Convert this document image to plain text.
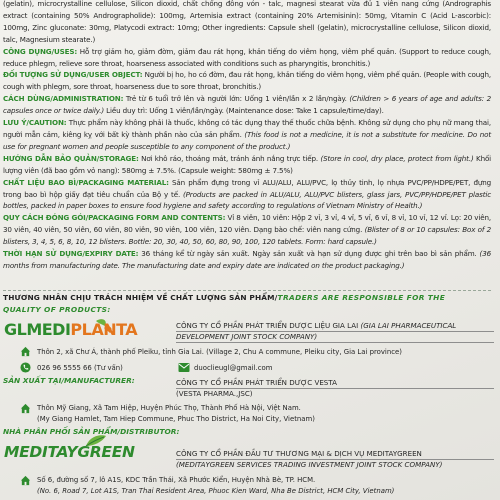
(gelatin), microcrystalline cellulose, Silicon dioxid, chất chống đông vón - talc, magnesi stearat vừa đủ 1 viên nang cứng (Andrographis extract (containing 50% Andrographolide): 100mg, Artemisia extract (containing 20% Artemisinin): 50mg, Vitamin C (Acid L-ascorbic): 100mg, Zinc gluconate: 30mg, Platycodi extract: 10mg; Other ingredients: Capsule shell (gelatin), microcrystalline cellulose, Silicon dioxid, talc, Magnesium stearate.)

CÔNG DỤNG/USES: Hỗ trợ giảm ho, giảm đờm, giảm đau rát họng, khản tiếng do viêm họng, viêm phế quản. (Support to reduce cough, reduce phlegm, relieve sore throat, hoarseness associated with conditions such as pharyngitis, bronchitis.)

ĐỐI TƯỢNG SỬ DỤNG/USER OBJECT: Người bị ho, ho có đờm, đau rát họng, khản tiếng do viêm họng, viêm phế quản. (People with cough, cough with phlegm, sore throat, hoarseness due to sore throat, bronchitis.)

CÁCH DÙNG/ADMINISTRATION: Trẻ từ 6 tuổi trở lên và người lớn: Uống 1 viên/lần x 2 lần/ngày. (Children > 6 years of age and adults: 2 capsules once or twice daily.) Liều duy trì: Uống 1 viên/lần/ngày. (Maintenance dose: Take 1 capsule/time/day).

LƯU Ý/CAUTION: Thực phẩm này không phải là thuốc, không có tác dụng thay thế thuốc chữa bệnh. Không sử dụng cho phụ nữ mang thai, người mẫn cảm, kiêng kỵ với bất kỳ thành phần nào của sản phẩm. (This food is not a medicine, it is not a substitute for medicine. Do not use for pregnant women and people susceptible to any component of the product.)

HƯỚNG DẪN BẢO QUẢN/STORAGE: Nơi khô ráo, thoáng mát, tránh ánh nắng trực tiếp. (Store in cool, dry place, protect from light.) Khối lượng viên (đã bao gồm vỏ nang): 580mg ± 7.5%. (Capsule weight: 580mg ± 7.5%)

CHẤT LIỆU BAO BÌ/PACKAGING MATERIAL: Sản phẩm đựng trong vỉ ALU/ALU, ALU/PVC, lọ thủy tinh, lọ nhựa PVC/PP/HDPE/PET, đựng trong bao bì hộp giấy đạt tiêu chuẩn của Bộ y tế. (Products are packed in ALU/ALU, ALU/PVC blisters, glass jars, PVC/PP/HDPE/PET plastic bottles, packed in paper boxes to ensure food hygiene and safety according to regulations of Vietnam Ministry of Health.)

QUY CÁCH ĐÓNG GÓI/PACKAGING FORM AND CONTENTS: Vỉ 8 viên, 10 viên: Hộp 2 vỉ, 3 vỉ, 4 vỉ, 5 vỉ, 6 vỉ, 8 vỉ, 10 vỉ, 12 vỉ. Lọ: 20 viên, 30 viên, 40 viên, 50 viên, 60 viên, 80 viên, 90 viên, 100 viên, 120 viên. Dạng bào chế: viên nang cứng. (Blister of 8 or 10 capsules: Box of 2 blisters, 3, 4, 5, 6, 8, 10, 12 blisters. Bottle: 20, 30, 40, 50, 60, 80, 90, 100, 120 tablets. Form: hard capsule.)

THỜI HẠN SỬ DỤNG/EXPIRY DATE: 36 tháng kể từ ngày sản xuất. Ngày sản xuất và hạn sử dụng được ghi trên bao bì sản phẩm. (36 months from manufacturing date. The manufacturing date and expiry date are indicated on the product packaging.)

THƯƠNG NHÂN CHỊU TRÁCH NHIỆM VỀ CHẤT LƯỢNG SẢN PHẨM/TRADERS ARE RESPONSIBLE FOR THE
QUALITY OF PRODUCTS:
GLMEDIPLANTA	CÔNG TY CỔ PHẦN PHÁT TRIỂN DƯỢC LIỆU GIA LAI (GIA LAI PHARMACEUTICAL DEVELOPMENT JOINT STOCK COMPANY)
Thôn 2, xã Chư Á, thành phố Pleiku, tỉnh Gia Lai. (Village 2, Chu A commune, Pleiku city, Gia Lai province)
026 96 5555 66 (Tư vấn)	duoclieugl@gmail.com
SẢN XUẤT TẠI/MANUFACTURER:	CÔNG TY CỔ PHẦN PHÁT TRIỂN DƯỢC VESTA
(VESTA PHARMA.,JSC)
Thôn Mỹ Giang, Xã Tam Hiệp, Huyện Phúc Thọ, Thành Phố Hà Nội, Việt Nam.
(My Giang Hamlet, Tam Hiep Commune, Phuc Tho District, Ha Noi City, Vietnam)
NHÀ PHÂN PHỐI SẢN PHẨM/DISTRIBUTOR:
MEDITAYGREEN	CÔNG TY CỔ PHẦN ĐẦU TƯ THƯƠNG MẠI & DỊCH VỤ MEDITAYGREEN
(MEDITAYGREEN SERVICES TRADING INVESTMENT JOINT STOCK COMPANY)
Số 6, đường số 7, lô A1S, KDC Trần Thái, Xã Phước Kiển, Huyện Nhà Bè, TP. HCM.
(No. 6, Road 7, Lot A1S, Tran Thai Resident Area, Phuoc Kien Ward, Nha Be District, HCM City, Vietnam)
